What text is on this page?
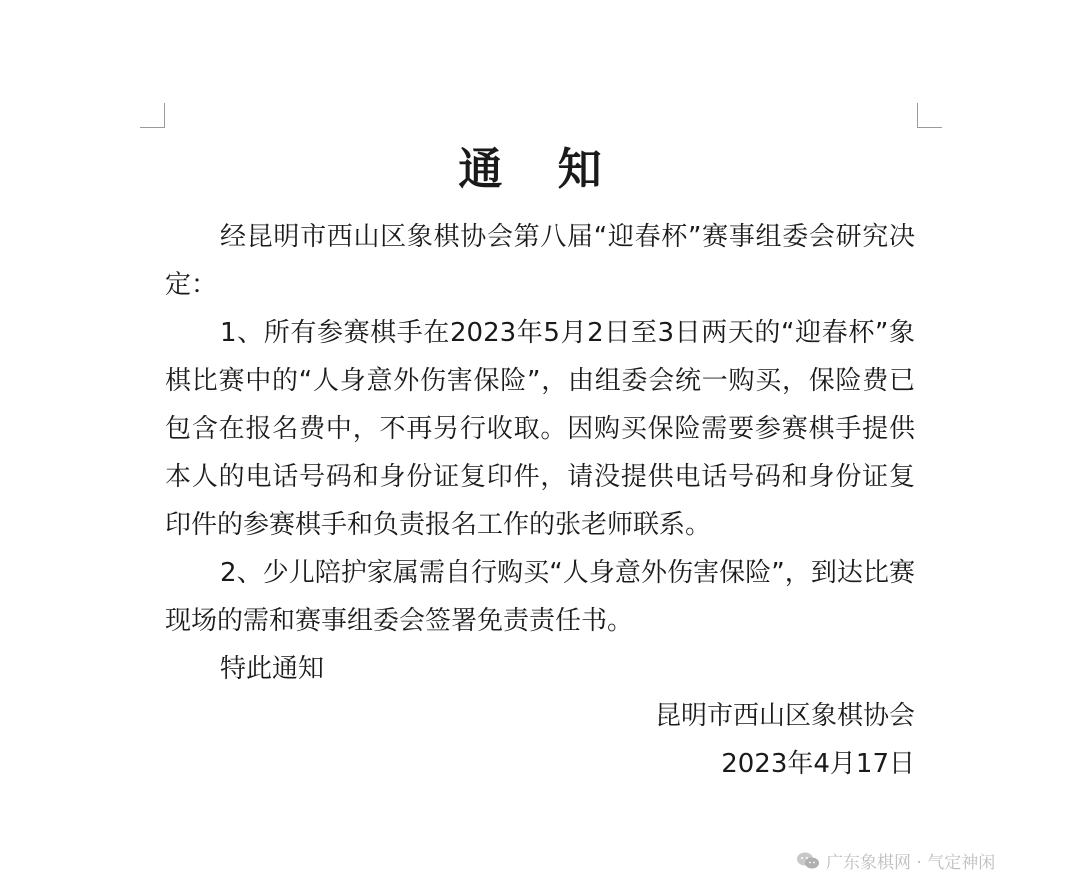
通 知

经昆明市西山区象棋协会第八届“迎春杯”赛事组委会研究决定：

1、所有参赛棋手在2023年5月2日至3日两天的“迎春杯”象棋比赛中的“人身意外伤害保险”，由组委会统一购买，保险费已包含在报名费中，不再另行收取。因购买保险需要参赛棋手提供本人的电话号码和身份证复印件，请没提供电话号码和身份证复印件的参赛棋手和负责报名工作的张老师联系。

2、少儿陪护家属需自行购买“人身意外伤害保险”，到达比赛现场的需和赛事组委会签署免责责任书。

特此通知

昆明市西山区象棋协会
2023年4月17日
广东象棋网 · 气定神闲
